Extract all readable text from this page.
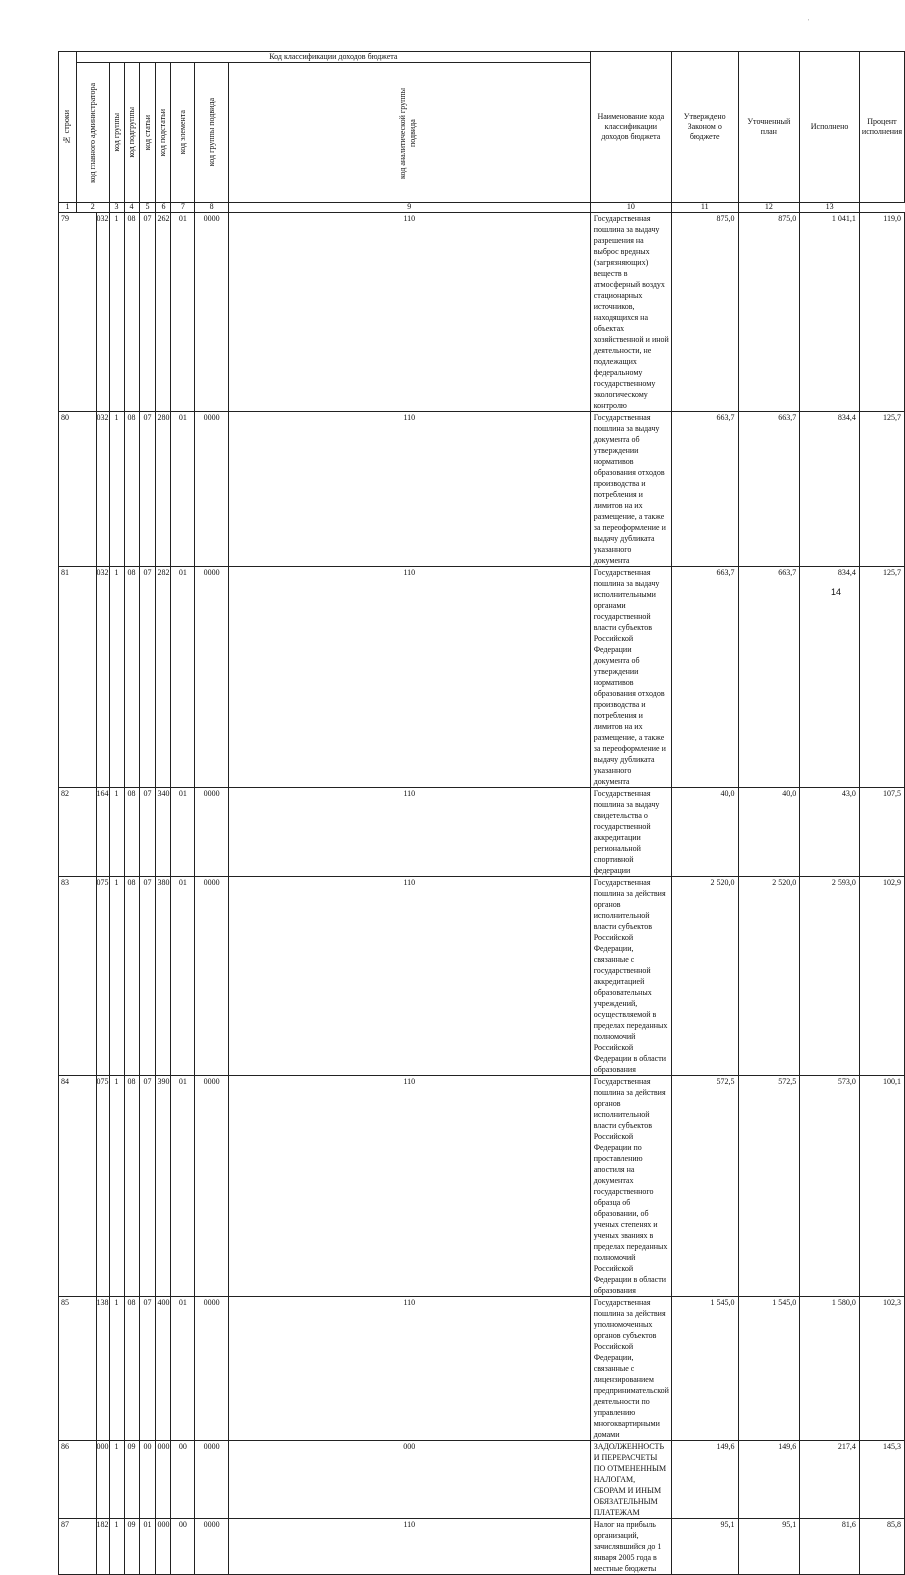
'
№ строки	Код классификации доходов бюджета									Наименование кода классификации доходов бюджета	Утверждено Законом о бюджете	Уточненный план	Исполнено	Процент исполнения

	код главного администратора		код группы	код подгруппы	код статьи	код подстатьи	код элемента	код группы подвида	код аналитической группы подвида					

1	2		3	4	5	6	7	8	9	10	11	12	13	
79		032	1	08	07	262	01	0000	110	Государственная пошлина за выдачу разрешения на выброс вредных (загрязняющих) веществ в атмосферный воздух стационарных источников, находящихся на объектах хозяйственной и иной деятельности, не подлежащих федеральному государственному экологическому контролю	875,0	875,0	1 041,1	119,0
80		032	1	08	07	280	01	0000	110	Государственная пошлина за выдачу документа об утверждении нормативов образования отходов производства и потребления и лимитов на их размещение, а также за переоформление и выдачу дубликата указанного документа	663,7	663,7	834,4	125,7
81		032	1	08	07	282	01	0000	110	Государственная пошлина за выдачу исполнительными органами государственной власти субъектов Российской Федерации документа об утверждении нормативов образования отходов производства и потребления и лимитов на их размещение, а также за переоформление и выдачу дубликата указанного документа	663,7	663,7	834,4	125,7
82		164	1	08	07	340	01	0000	110	Государственная пошлина за выдачу свидетельства о государственной аккредитации региональной спортивной федерации	40,0	40,0	43,0	107,5
83		075	1	08	07	380	01	0000	110	Государственная пошлина за действия органов исполнительной власти субъектов Российской Федерации, связанные с государственной аккредитацией образовательных учреждений, осуществляемой в пределах переданных полномочий Российской Федерации в области образования	2 520,0	2 520,0	2 593,0	102,9
84		075	1	08	07	390	01	0000	110	Государственная пошлина за действия органов исполнительной власти субъектов Российской Федерации по проставлению апостиля на документах государственного образца об образовании, об ученых степенях и ученых званиях в пределах переданных полномочий Российской Федерации в области образования	572,5	572,5	573,0	100,1
85		138	1	08	07	400	01	0000	110	Государственная пошлина за действия уполномоченных органов субъектов Российской Федерации, связанные с лицензированием предпринимательской деятельности по управлению многоквартирными домами	1 545,0	1 545,0	1 580,0	102,3
86		000	1	09	00	000	00	0000	000	ЗАДОЛЖЕННОСТЬ И ПЕРЕРАСЧЕТЫ ПО ОТМЕНЕННЫМ НАЛОГАМ, СБОРАМ И ИНЫМ ОБЯЗАТЕЛЬНЫМ ПЛАТЕЖАМ	149,6	149,6	217,4	145,3
87		182	1	09	01	000	00	0000	110	Налог на прибыль организаций, зачислявшийся до 1 января 2005 года в местные бюджеты	95,1	95,1	81,6	85,8
14
